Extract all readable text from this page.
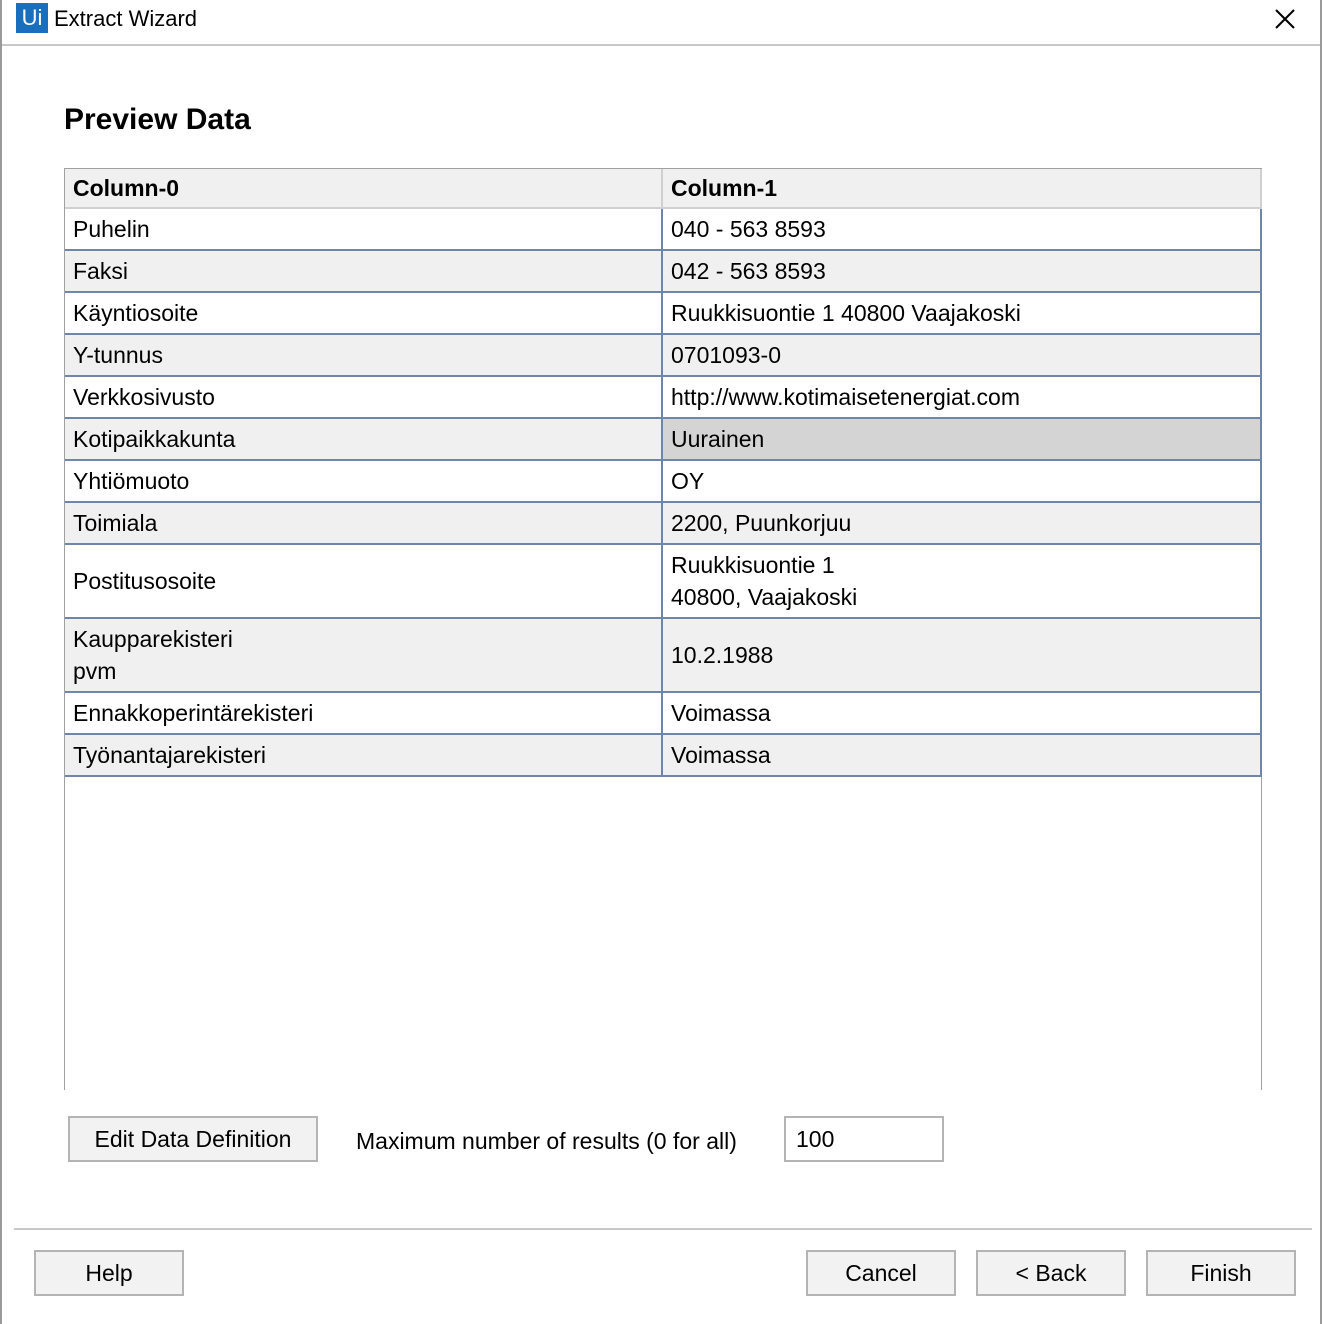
Ui Extract Wizard
Preview Data
Column-0	Column-1
Puhelin	040 - 563 8593
Faksi	042 - 563 8593
Käyntiosoite	Ruukkisuontie 1 40800 Vaajakoski
Y-tunnus	0701093-0
Verkkosivusto	http://www.kotimaisetenergiat.com
Kotipaikkakunta	Uurainen
Yhtiömuoto	OY
Toimiala	2200, Puunkorjuu
Postitusosoite	Ruukkisuontie 1
40800, Vaajakoski
Kaupparekisteri
pvm	10.2.1988
Ennakkoperintärekisteri	Voimassa
Työnantajarekisteri	Voimassa
Edit Data Definition	Maximum number of results (0 for all)
100
Help	Cancel	< Back	Finish
